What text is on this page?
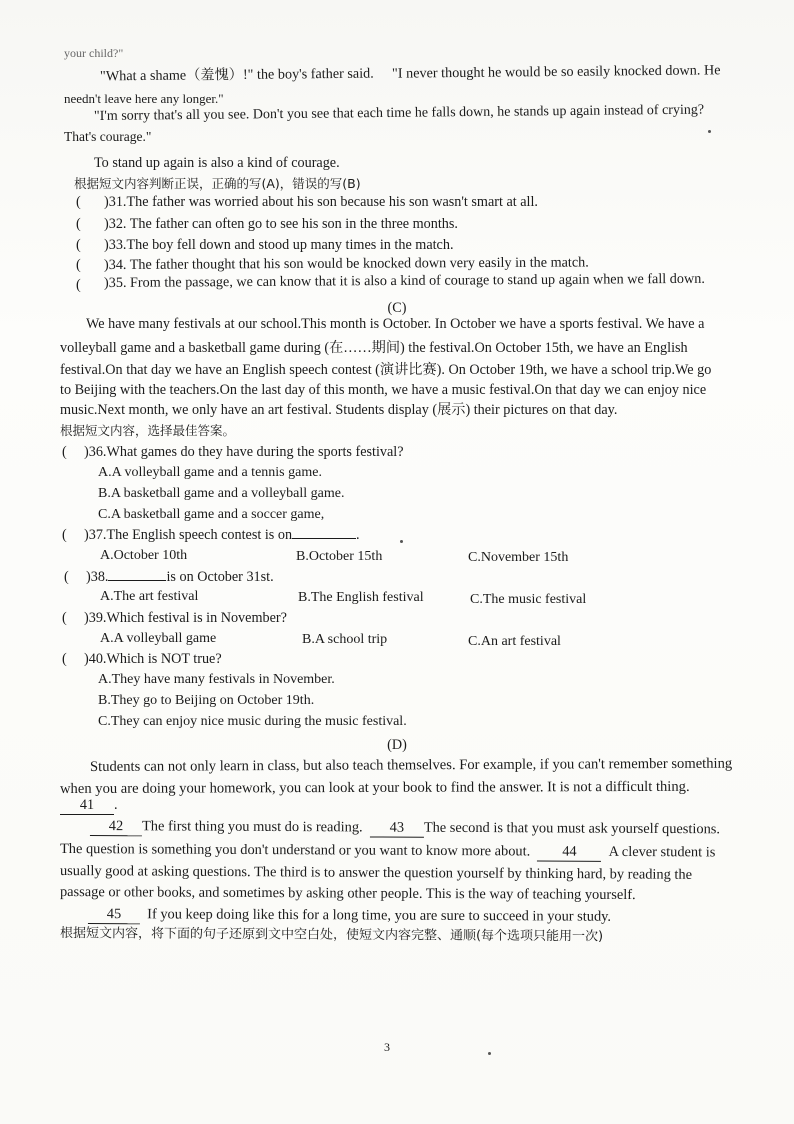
your child?"
"What a shame（羞愧）!" the boy's father said. "I never thought he would be so easily knocked down. He
needn't leave here any longer."
"I'm sorry that's all you see. Don't you see that each time he falls down, he stands up again instead of crying?
That's courage."
To stand up again is also a kind of courage.
根据短文内容判断正误，正确的写(A)，错误的写(B)
( )31.The father was worried about his son because his son wasn't smart at all.
( )32. The father can often go to see his son in the three months.
( )33.The boy fell down and stood up many times in the match.
( )34. The father thought that his son would be knocked down very easily in the match.
( )35. From the passage, we can know that it is also a kind of courage to stand up again when we fall down.
(C)
We have many festivals at our school.This month is October. In October we have a sports festival. We have a
volleyball game and a basketball game during (在……期间) the festival.On October 15th, we have an English
festival.On that day we have an English speech contest (演讲比赛). On October 19th, we have a school trip.We go
to Beijing with the teachers.On the last day of this month, we have a music festival.On that day we can enjoy nice
music.Next month, we only have an art festival. Students display (展示) their pictures on that day.
根据短文内容，选择最佳答案。
( )36.What games do they have during the sports festival?
A.A volleyball game and a tennis game.
B.A basketball game and a volleyball game.
C.A basketball game and a soccer game,
( )37.The English speech contest is on	.
A.October 10th	B.October 15th	C.November 15th
( )38.	is on October 31st.
A.The art festival	B.The English festival	C.The music festival
( )39.Which festival is in November?
A.A volleyball game	B.A school trip	C.An art festival
( )40.Which is NOT true?
A.They have many festivals in November.
B.They go to Beijing on October 19th.
C.They can enjoy nice music during the music festival.
(D)
Students can not only learn in class, but also teach themselves. For example, if you can't remember something
when you are doing your homework, you can look at your book to find the answer. It is not a difficult thing.
41 .
42 The first thing you must do is reading. 43 The second is that you must ask yourself questions.
The question is something you don't understand or you want to know more about. 44 A clever student is
usually good at asking questions. The third is to answer the question yourself by thinking hard, by reading the
passage or other books, and sometimes by asking other people. This is the way of teaching yourself.
45 If you keep doing like this for a long time, you are sure to succeed in your study.
根据短文内容，将下面的句子还原到文中空白处，使短文内容完整、通顺(每个选项只能用一次)
3
